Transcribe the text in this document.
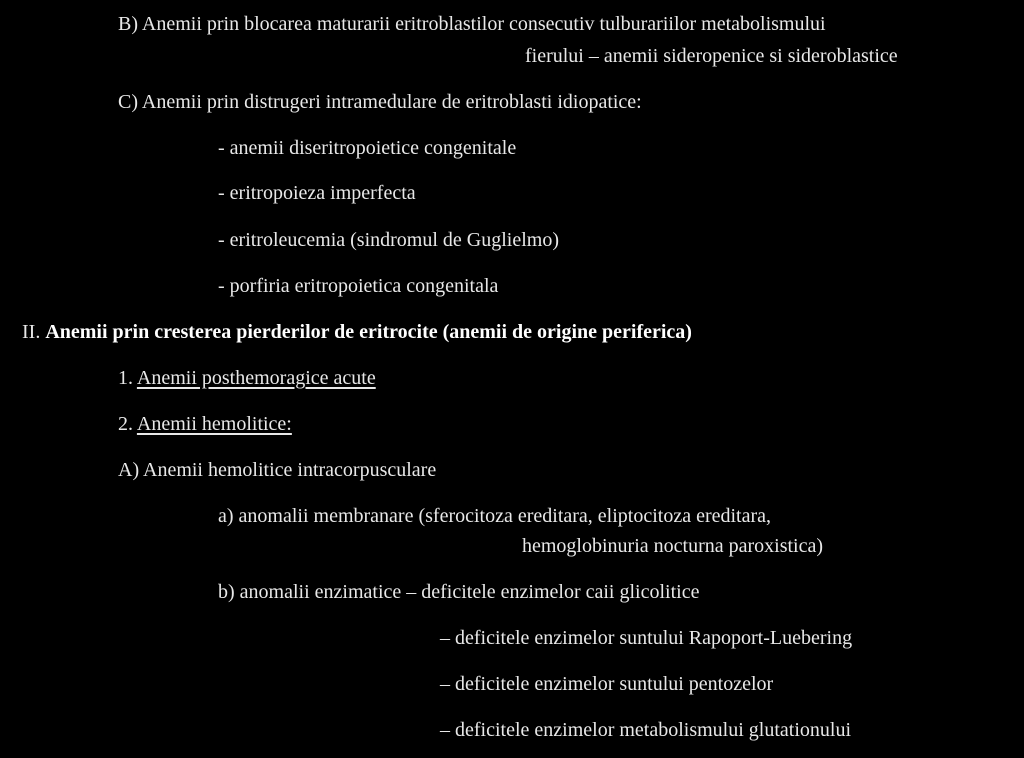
B) Anemii prin blocarea maturarii eritroblastilor consecutiv tulburariilor metabolismului
fierului – anemii sideropenice si sideroblastice
C) Anemii prin distrugeri intramedulare de eritroblasti idiopatice:
- anemii diseritropoietice congenitale
- eritropoieza imperfecta
- eritroleucemia (sindromul de Guglielmo)
- porfiria eritropoietica congenitala
II. Anemii prin cresterea pierderilor de eritrocite (anemii de origine periferica)
1. Anemii posthemoragice acute
2. Anemii hemolitice:
A) Anemii hemolitice intracorpusculare
a) anomalii membranare (sferocitoza ereditara, eliptocitoza ereditara,
hemoglobinuria nocturna paroxistica)
b) anomalii enzimatice – deficitele enzimelor caii glicolitice
– deficitele enzimelor suntului Rapoport-Luebering
– deficitele enzimelor suntului pentozelor
– deficitele enzimelor metabolismului glutationului
